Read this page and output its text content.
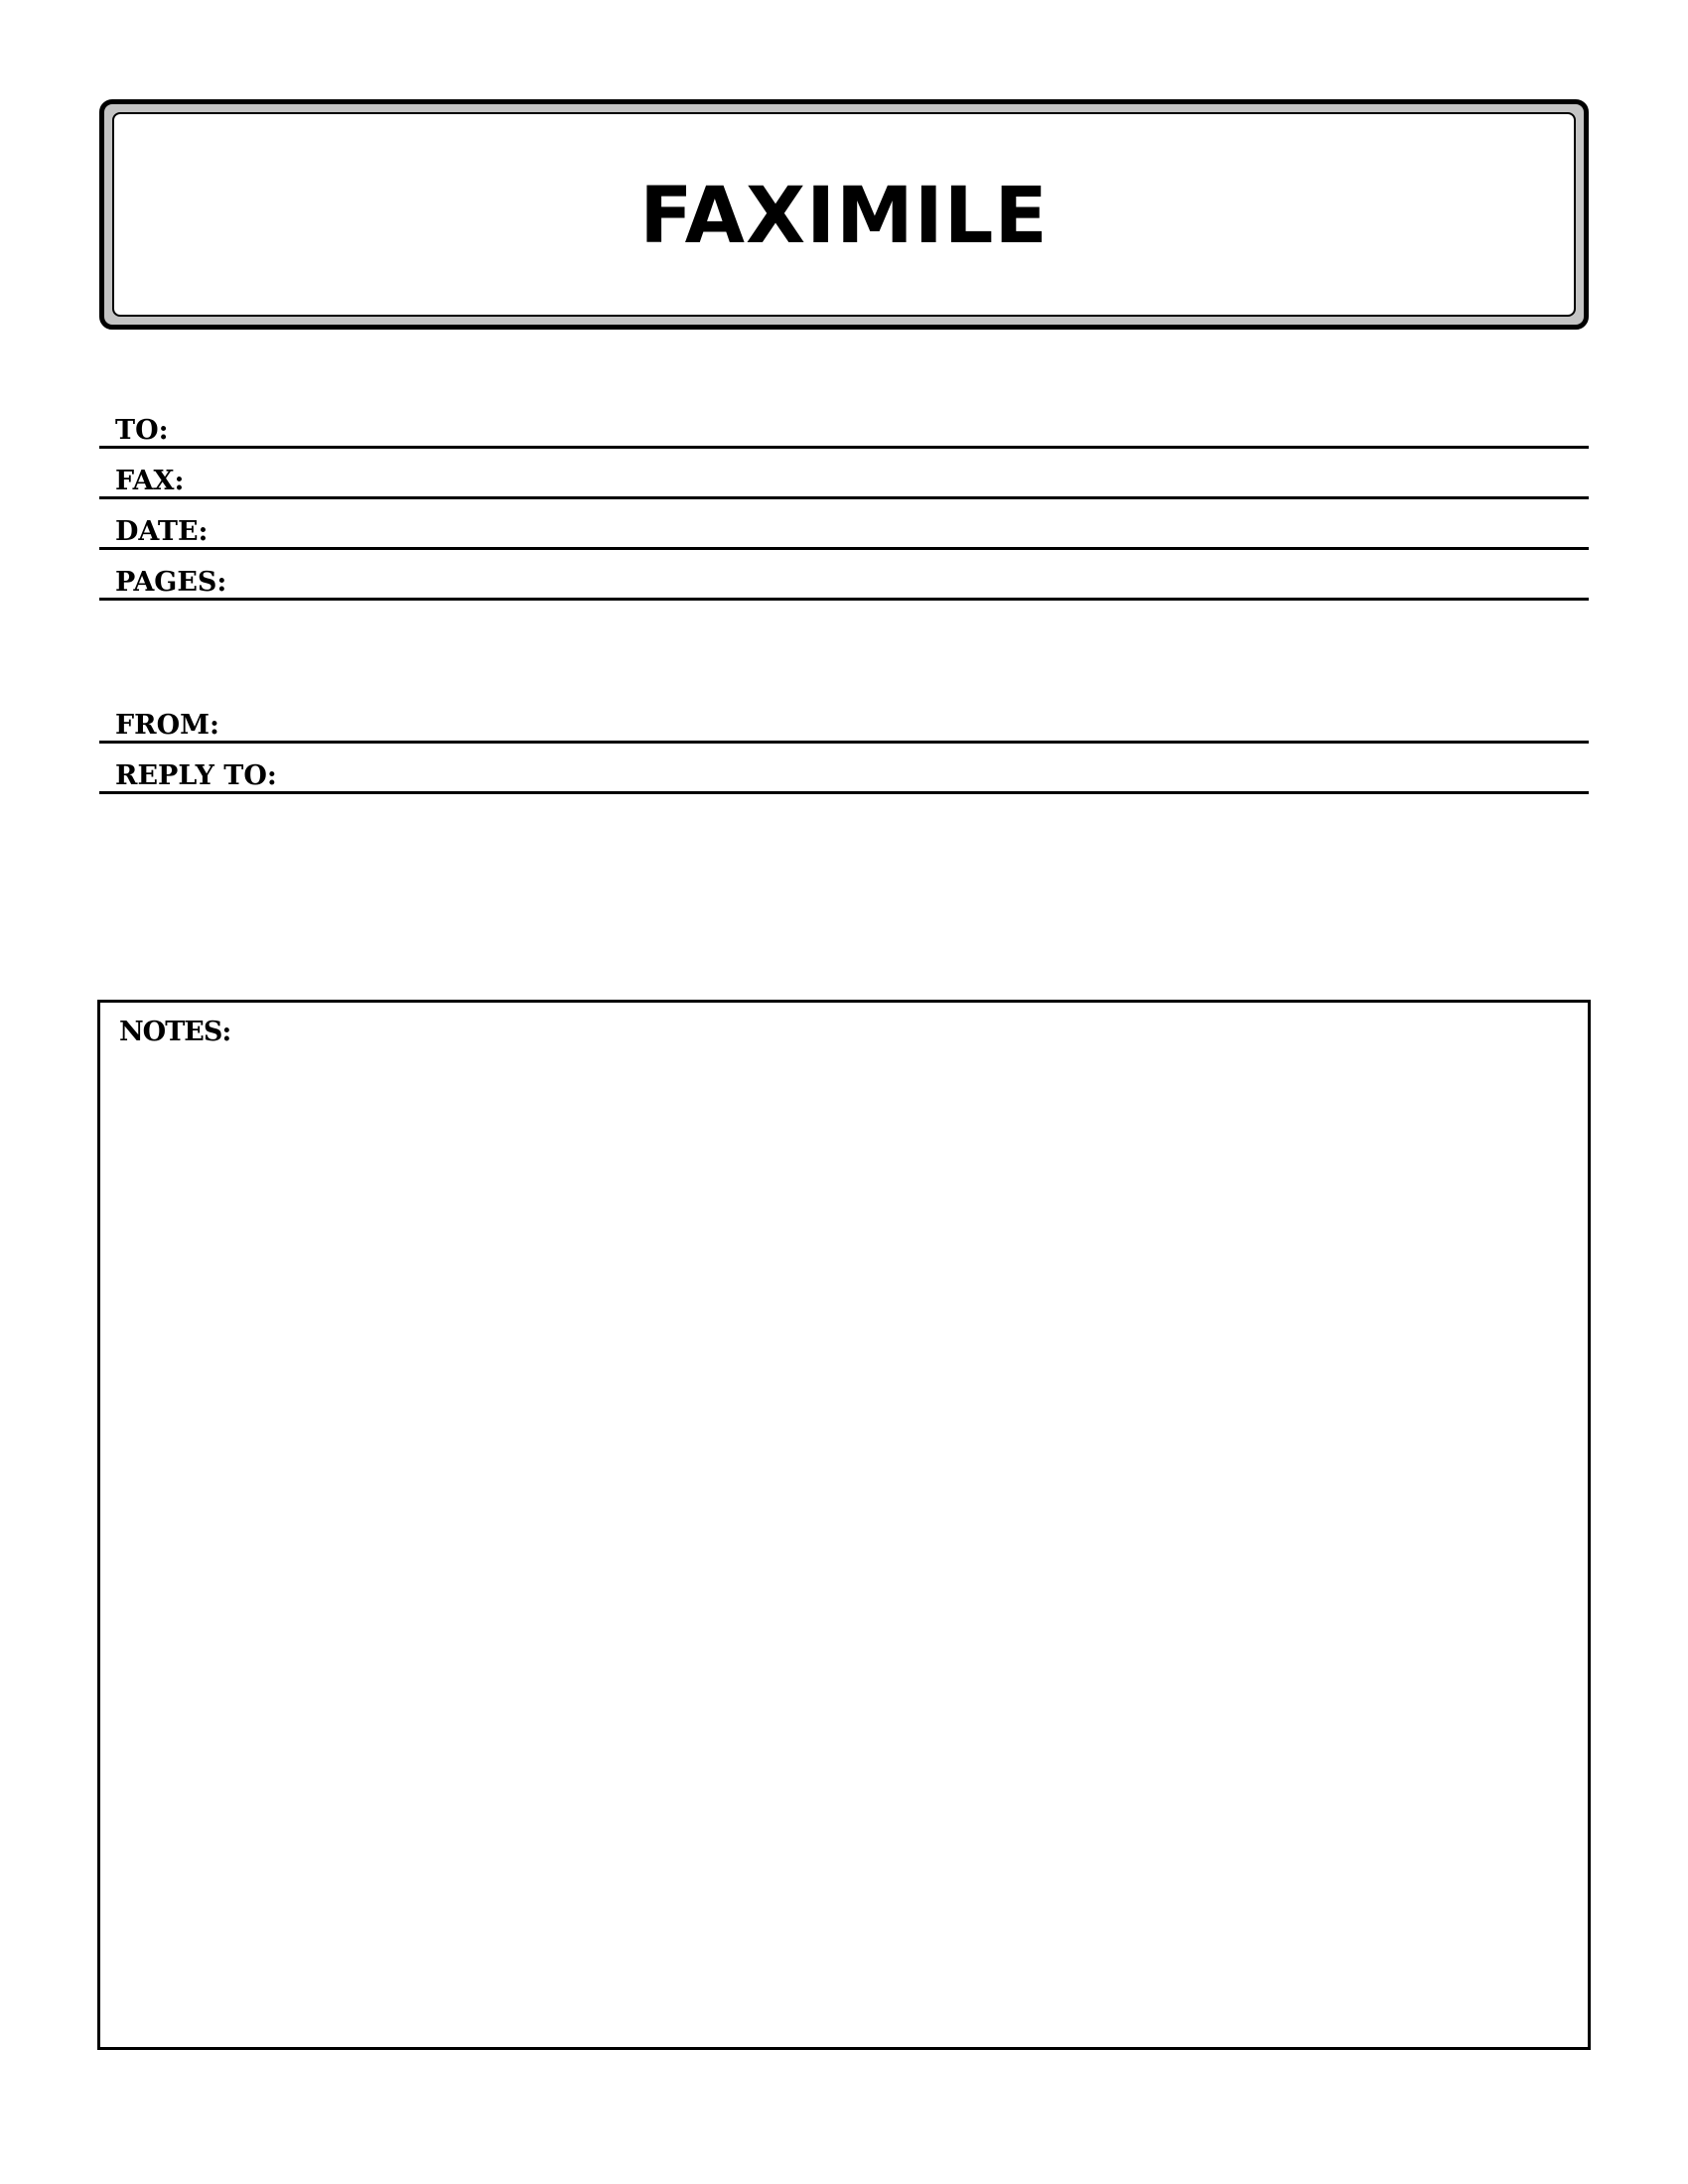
FAXIMILE
TO:
FAX:
DATE:
PAGES:
FROM:
REPLY TO:
NOTES:
